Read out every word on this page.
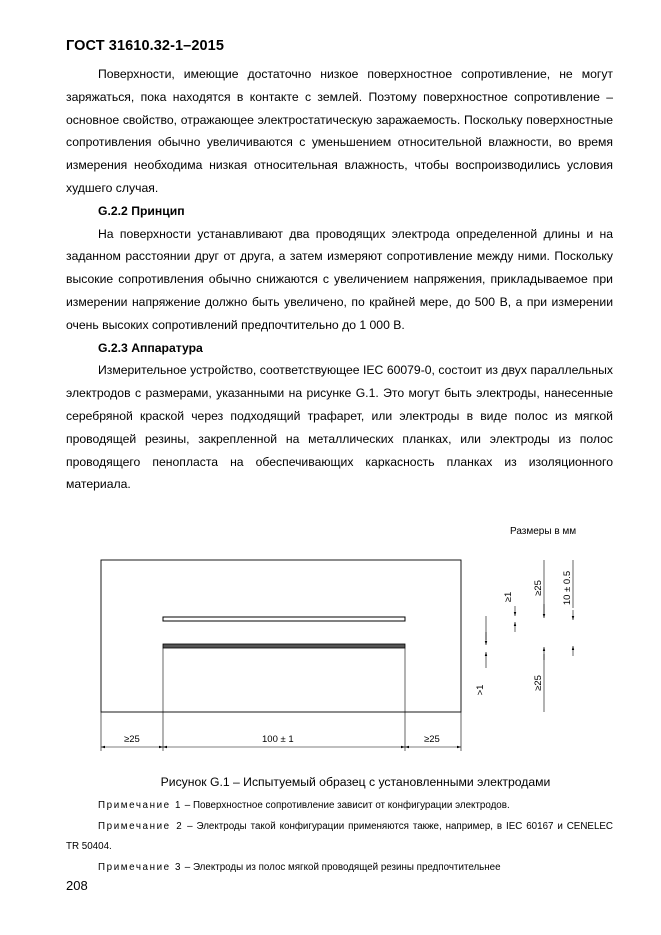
ГОСТ 31610.32-1–2015

Поверхности, имеющие достаточно низкое поверхностное сопротивление, не могут заряжаться, пока находятся в контакте с землей. Поэтому поверхностное сопротивление – основное свойство, отражающее электростатическую заражаемость. Поскольку поверхностные сопротивления обычно увеличиваются с уменьшением относительной влажности, во время измерения необходима низкая относительная влажность, чтобы воспроизводились условия худшего случая.

G.2.2 Принцип

На поверхности устанавливают два проводящих электрода определенной длины и на заданном расстоянии друг от друга, а затем измеряют сопротивление между ними. Поскольку высокие сопротивления обычно снижаются с увеличением напряжения, прикладываемое при измерении напряжение должно быть увеличено, по крайней мере, до 500 В, а при измерении очень высоких сопротивлений предпочтительно до 1 000 В.

G.2.3 Аппаратура

Измерительное устройство, соответствующее IEC 60079-0, состоит из двух параллельных электродов с размерами, указанными на рисунке G.1. Это могут быть электроды, нанесенные серебряной краской через подходящий трафарет, или электроды в виде полос из мягкой проводящей резины, закрепленной на металлических планках, или электроды из полос проводящего пенопласта на обеспечивающих каркасность планках из изоляционного материала.

Размеры в мм
≥25	100 ± 1	≥25
>1
≥1
≥25
≥25
10 ± 0.5
Рисунок G.1 – Испытуемый образец с установленными электродами

Примечание 1 – Поверхностное сопротивление зависит от конфигурации электродов.

Примечание 2 – Электроды такой конфигурации применяются также, например, в IEC 60167 и CENELEC TR 50404.

Примечание 3 – Электроды из полос мягкой проводящей резины предпочтительнее

208
